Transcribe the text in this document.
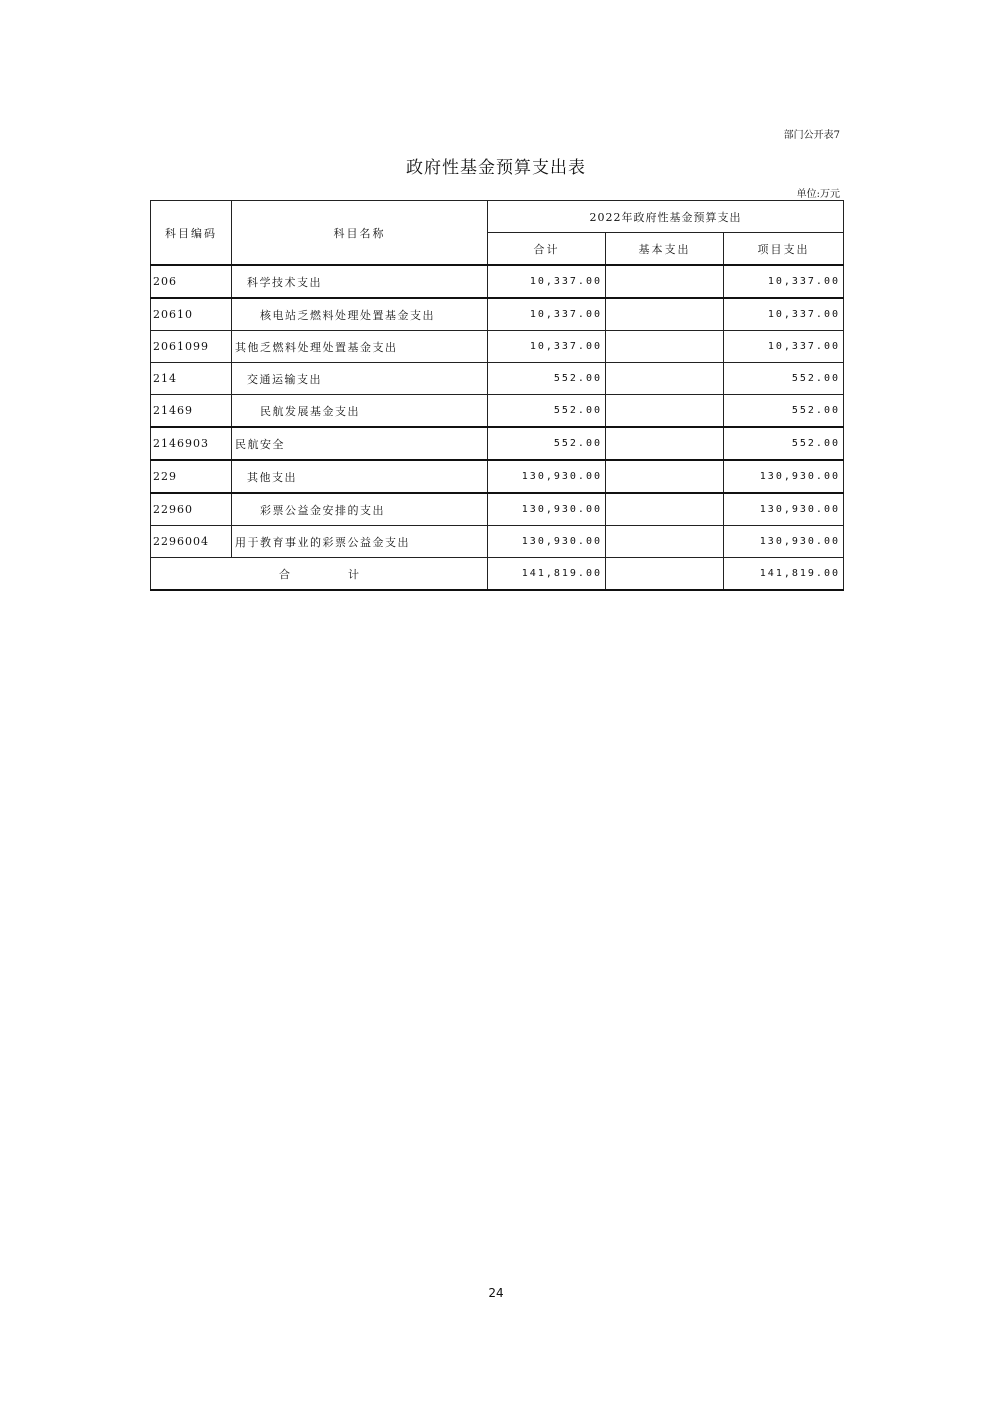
部门公开表7
政府性基金预算支出表
单位:万元
科目编码	科目名称	2022年政府性基金预算支出		
		合计	基本支出	项目支出
206	科学技术支出	10,337.00		10,337.00
20610	核电站乏燃料处理处置基金支出	10,337.00		10,337.00
2061099	其他乏燃料处理处置基金支出	10,337.00		10,337.00
214	交通运输支出	552.00		552.00
21469	民航发展基金支出	552.00		552.00
2146903	民航安全	552.00		552.00
229	其他支出	130,930.00		130,930.00
22960	彩票公益金安排的支出	130,930.00		130,930.00
2296004	用于教育事业的彩票公益金支出	130,930.00		130,930.00
合计		141,819.00		141,819.00
24
